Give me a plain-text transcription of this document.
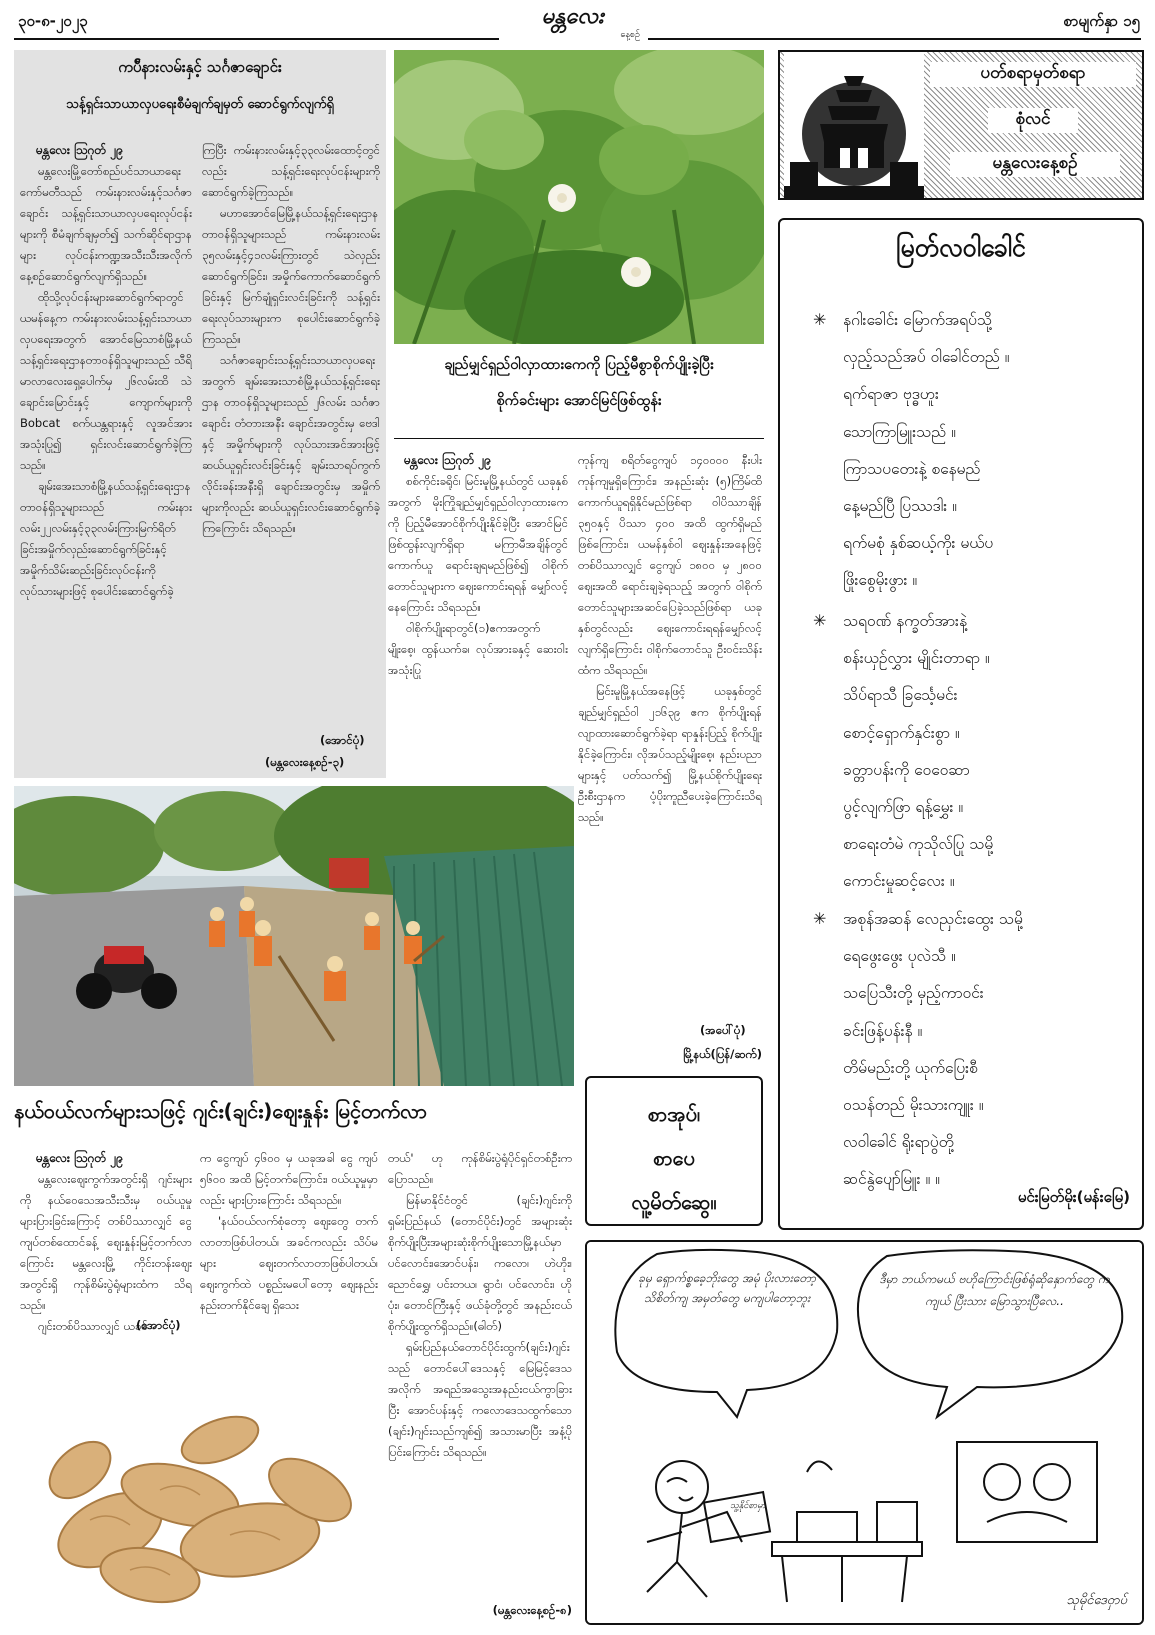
၃၀-၈-၂၀၂၃	မန္တလေး
နေ့စဉ်
စာမျက်နှာ ၁၅
ကပ်ီနားလမ်းနှင့် သင်္ဂဇာချောင်း
သန့်ရှင်းသာယာလှပရေးစီမံချက်ချမှတ် ဆောင်ရွက်လျက်ရှိ
မန္တလေး ဩဂုတ် ၂၉

မန္တလေးမြို့တော်စည်ပင်သာယာရေးကော်မတီသည် ကမ်းနားလမ်းနှင့်သင်္ဂဇာချောင်း သန့်ရှင်းသာယာလှပရေးလုပ်ငန်းများကို စီမံချက်ချမှတ်၍ သက်ဆိုင်ရာဌာနများ လုပ်ငန်းကဏ္ဍအသီးသီးအလိုက် နေ့စဉ်ဆောင်ရွက်လျက်ရှိသည်။

ထိုသို့လုပ်ငန်းများဆောင်ရွက်ရာတွင် ယမန်နေ့က ကမ်းနားလမ်းသန့်ရှင်းသာယာလှပရေးအတွက် အောင်မြေသာစံမြို့နယ်သန့်ရှင်းရေးဌာနတာဝန်ရှိသူများသည် သီရိမာလာလေးရှေ့ပေါက်မှ ၂၆လမ်းထိ သဲချောင်းမြောင်းနှင့် ကျောက်များကို Bobcat စက်ယန္တရားနှင့် လူအင်အားအသုံးပြု၍ ရှင်းလင်းဆောင်ရွက်ခဲ့ကြသည်။

ချမ်းအေးသာစံမြို့နယ်သန့်ရှင်းရေးဌာန တာဝန်ရှိသူများသည် ကမ်းနားလမ်း၂၂လမ်းနှင့်၃၃လမ်းကြားမြက်ရိတ်ခြင်းအမှိုက်လှည်းဆောင်ရွက်ခြင်းနှင့် အမှိုက်သိမ်းဆည်းခြင်းလုပ်ငန်းကို လုပ်သားများဖြင့် စုပေါင်းဆောင်ရွက်ခဲ့

ကြပြီး ကမ်းနားလမ်းနှင့်၃၃လမ်းထောင့်တွင်လည်း သန့်ရှင်းရေးလုပ်ငန်းများကို ဆောင်ရွက်ခဲ့ကြသည်။

မဟာအောင်မြေမြို့နယ်သန့်ရှင်းရေးဌာန တာဝန်ရှိသူများသည် ကမ်းနားလမ်း ၃၅လမ်းနှင့်၄၁လမ်းကြားတွင် သဲလှည်းဆောင်ရွက်ခြင်း၊ အမှိုက်ကောက်ဆောင်ရွက်ခြင်းနှင့် မြက်ချုံရှင်းလင်းခြင်းကို သန့်ရှင်းရေးလုပ်သားများက စုပေါင်းဆောင်ရွက်ခဲ့ကြသည်။

သင်္ဂဇာချောင်းသန့်ရှင်းသာယာလှပရေးအတွက် ချမ်းအေးသာစံမြို့နယ်သန့်ရှင်းရေးဌာန တာဝန်ရှိသူများသည် ၂၆လမ်း သင်္ဂဇာချောင်း တံတားအနီး ချောင်းအတွင်းမှ ဗေဒါနှင့် အမှိုက်များကို လုပ်သားအင်အားဖြင့် ဆယ်ယူရှင်းလင်းခြင်းနှင့် ချမ်းသာရပ်ကွက်လိုင်းခန်းအနီးရှိ ချောင်းအတွင်းမှ အမှိုက်များကိုလည်း ဆယ်ယူရှင်းလင်းဆောင်ရွက်ခဲ့ကြကြောင်း သိရသည်။

(အောင်ပုံ)
(မန္တလေးနေ့စဉ်-၃)
ချည်မျှင်ရှည်ဝါလှာထားကေကို ပြည့်မီစွာစိုက်ပျိုးခဲ့ပြီး
စိုက်ခင်းများ အောင်မြင်ဖြစ်ထွန်း
ပတ်စရာမှတ်စရာ
စုံလင်
မန္တလေးနေ့စဉ်
မြတ်လဝါခေါင်
✳ နဂါးခေါင်း မြောက်အရပ်သို့
လှည့်သည်အပ် ဝါခေါင်တည် ။
ရက်ရာဇာ ဗုဒ္ဓဟူး
သောကြာမြူးသည် ။
ကြာသပတေးနဲ့ စနေမည်
နေ့မည်ပြီ ပြဿဒါး ။
ရက်မစုံ နှစ်ဆယ့်ကိုး မယ်ပ
ဖြိုးစွေမိုးဖွား ။
✳ သရဝဏ် နက္ခတ်အားနဲ့
စန်းယှဉ်လွှား မျိုင်းတာရာ ။
သိပ်ရာသီ ခြင်္သေ့မင်း
စောင့်ရှောက်နှင်းစွာ ။
ခတ္တာပန်းကို ဝေဝေဆာ
ပွင့်လျက်ဖြာ ရန့်မွှေး ။
စာရေးတံမဲ ကုသိုလ်ပြု သမို့
ကောင်းမှုဆင့်လေး ။
✳ အစုန်အဆန် လေညှင်းထွေး သမို့
ရေဖွေးဖွေး ပုလဲသီ ။
သပြေသီးတို့ မှည့်ကာဝင်း
ခင်းဖြန့်ပန်းနီ ။
တိမ်မည်းတို့ ယုက်ပြေးစီ
ဝသန်တည် မိုးသားကျူး ။
လဝါခေါင် ရိုးရာပွဲတို့
ဆင်နွဲပျော်မြူး ။ ။
မင်းမြတ်မိုး(မန်းမြေ)
မန္တလေး ဩဂုတ် ၂၉

စစ်ကိုင်းခရိုင်၊ မြင်းမူမြို့နယ်တွင် ယခုနှစ်အတွက် မိုးကြိုချည်မျှင်ရှည်ဝါလှာထားကေကို ပြည့်မီအောင်စိုက်ပျိုးနိုင်ခဲ့ပြီး အောင်မြင်ဖြစ်ထွန်းလျက်ရှိရာ မကြာမီအချိန်တွင် ကောက်ယူ ရောင်းချရမည်ဖြစ်၍ ဝါစိုက်တောင်သူများက ဈေးကောင်းရရန် မျှော်လင့်နေကြောင်း သိရသည်။

ဝါစိုက်ပျိုးရာတွင်(၁)ဧကအတွက် မျိုးစေ့၊ ထွန်ယက်ခ၊ လုပ်အားခနှင့် ဆေးဝါးအသုံးပြု

ကုန်ကျ စရိတ်ငွေကျပ် ၁၄၀၀၀၀ နီးပါးကုန်ကျမှုရှိကြောင်း၊ အနည်းဆုံး (၅)ကြိမ်ထိ ကောက်ယူရရှိနိုင်မည်ဖြစ်ရာ ဝါပိဿာချိန် ၃၅၀နှင့် ပိဿာ ၄၀၀ အထိ ထွက်ရှိမည်ဖြစ်ကြောင်း၊ ယမန်နှစ်ဝါ ဈေးနှုန်းအနေဖြင့် တစ်ပိဿာလျှင် ငွေကျပ် ၁၈၀၀ မှ ၂၈၀၀ ဈေးအထိ ရောင်းချခဲ့ရသည့် အတွက် ဝါစိုက်တောင်သူများအဆင်ပြေခဲ့သည်ဖြစ်ရာ ယခုနှစ်တွင်လည်း ဈေးကောင်းရရန်မျှော်လင့်လျက်ရှိကြောင်း ဝါစိုက်တောင်သူ ဦးဝင်းသိန်းထံက သိရသည်။

မြင်းမူမြို့နယ်အနေဖြင့် ယခုနှစ်တွင်ချည်မျှင်ရှည်ဝါ ၂၁၆၃၉ ဧက စိုက်ပျိုးရန်လျာထားဆောင်ရွက်ခဲ့ရာ ရာနှုန်းပြည့် စိုက်ပျိုးနိုင်ခဲ့ကြောင်း၊ လိုအပ်သည့်မျိုးစေ့၊ နည်းပညာများနှင့် ပတ်သက်၍ မြို့နယ်စိုက်ပျိုးရေးဦးစီးဌာနက ပံ့ပိုးကူညီပေးခဲ့ကြောင်းသိရသည်။

(အပေါ်ပုံ)
မြို့နယ်(ပြန်/ဆက်)
စာအုပ်၊
စာပေ
လူ့မိတ်ဆွေ။
နယ်ဝယ်လက်များသဖြင့် ဂျင်း(ချင်း)ဈေးနှုန်း မြင့်တက်လာ
မန္တလေး ဩဂုတ် ၂၉

မန္တလေးဈေးကွက်အတွင်းရှိ ဂျင်းများကို နယ်ဝေသေအသီးသီးမှ ဝယ်ယူမှု များပြားခြင်းကြောင့် တစ်ပိဿာလျှင် ငွေကျပ်တစ်ထောင်ခန့် ဈေးနှုန်းမြင့်တက်လာကြောင်း မန္တလေးမြို့ ကိုင်းတန်းဈေးအတွင်းရှိ ကုန်စိမ်းပွဲရုံများထံက သိရသည်။

ဂျင်းတစ်ပိဿာလျှင် ယခင်

(အောင်ပုံ)

က ငွေကျပ် ၄၆၀၀ မှ ယခုအခါ ငွေ ကျပ် ၅၆၀၀ အထိ မြင့်တက်ကြောင်း၊ ဝယ်ယူမှုမှာလည်း များပြားကြောင်း သိရသည်။

'နယ်ဝယ်လက်စုံတော့ ဈေးတွေ တက်လာတာဖြစ်ပါတယ်၊ အခင်ကလည်း သိပ်မများ ဈေးတက်လာတာဖြစ်ပါတယ်၊ ဈေးကွက်ထဲ ပစ္စည်းမပေါ်တော့ ဈေးနည်းနည်းတက်နိုင်ချေ ရှိသေး

တယ်' ဟု ကုန်စိမ်းပွဲရုံပိုင်ရှင်တစ်ဦးက ပြောသည်။

မြန်မာနိုင်ငံတွင် (ချင်း)ဂျင်းကို ရှမ်းပြည်နယ် (တောင်ပိုင်း)တွင် အများဆုံး စိုက်ပျိုးပြီးအများဆုံးစိုက်ပျိုးသောမြို့နယ်မှာ ပင်လောင်း၊အောင်ပန်း၊ ကလော၊ ဟဲဟိုး၊ ညောင်ရွှေ၊ ပင်းတယ၊ ရွာငံ၊ ပင်လောင်း၊ ဟိုပုံး၊ တောင်ကြီးနှင့် ဖယ်ခုံတို့တွင် အနည်းငယ် စိုက်ပျိုးထွက်ရှိသည်။(ဓါတ်)

ရှမ်းပြည်နယ်တောင်ပိုင်းထွက်(ချင်း)ဂျင်းသည် တောင်ပေါ်ဒေသနှင့် မြေမြင့်ဒေသအလိုက် အရည်အသွေးအနည်းငယ်ကွာခြားပြီး အောင်ပန်းနှင့် ကလောဒေသထွက်သော (ချင်း)ဂျင်းသည်ကျစ်၍ အသားမာပြီး အနံ့ပိုပြင်းကြောင်း သိရသည်။

(မန္တလေးနေ့စဉ်-၈)
ခုမှ ရှောက်စ္စခေ့ဘိုးတွေ အမုံ ပိုးလားတော့ သိစိတ်ကျ အမှတ်တွေ မကျပါတော့ဘူး
ဒီမှာ ဘယ်ကမယ် ဗဟိုကြောင်းဖြစ်ရုံဆိုနှောက်တွေ ကကျယ် ပြီးသား မြောသွားပြီလေ..
သူ့နိုင်စာမှာ
သုမိုင်ဒေဝှာပ်
